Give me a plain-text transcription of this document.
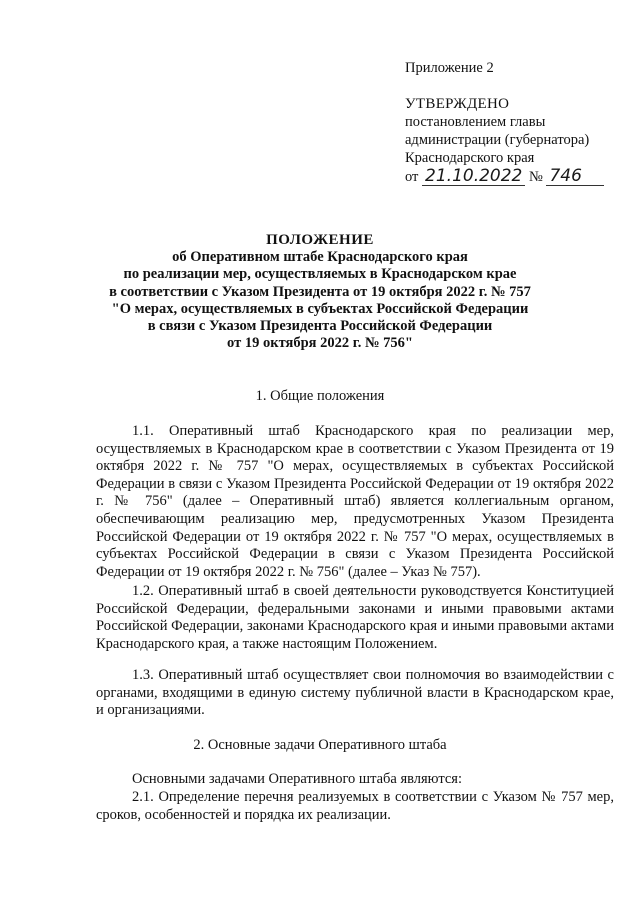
Приложение 2
УТВЕРЖДЕНО
постановлением главы
администрации (губернатора)
Краснодарского края
от 21.10.2022 № 746
ПОЛОЖЕНИЕ
об Оперативном штабе Краснодарского края
по реализации мер, осуществляемых в Краснодарском крае
в соответствии с Указом Президента от 19 октября 2022 г. № 757
"О мерах, осуществляемых в субъектах Российской Федерации
в связи с Указом Президента Российской Федерации
от 19 октября 2022 г. № 756"
1. Общие положения
1.1. Оперативный штаб Краснодарского края по реализации мер, осуществляемых в Краснодарском крае в соответствии с Указом Президента от 19 октября 2022 г. № 757 "О мерах, осуществляемых в субъектах Российской Федерации в связи с Указом Президента Российской Федерации от 19 октября 2022 г. № 756" (далее – Оперативный штаб) является коллегиальным органом, обеспечивающим реализацию мер, предусмотренных Указом Президента Российской Федерации от 19 октября 2022 г. № 757 "О мерах, осуществляемых в субъектах Российской Федерации в связи с Указом Президента Российской Федерации от 19 октября 2022 г. № 756" (далее – Указ № 757).
1.2. Оперативный штаб в своей деятельности руководствуется Конституцией Российской Федерации, федеральными законами и иными правовыми актами Российской Федерации, законами Краснодарского края и иными правовыми актами Краснодарского края, а также настоящим Положением.
1.3. Оперативный штаб осуществляет свои полномочия во взаимодействии с органами, входящими в единую систему публичной власти в Краснодарском крае, и организациями.
2. Основные задачи Оперативного штаба
Основными задачами Оперативного штаба являются:
2.1. Определение перечня реализуемых в соответствии с Указом № 757 мер, сроков, особенностей и порядка их реализации.
